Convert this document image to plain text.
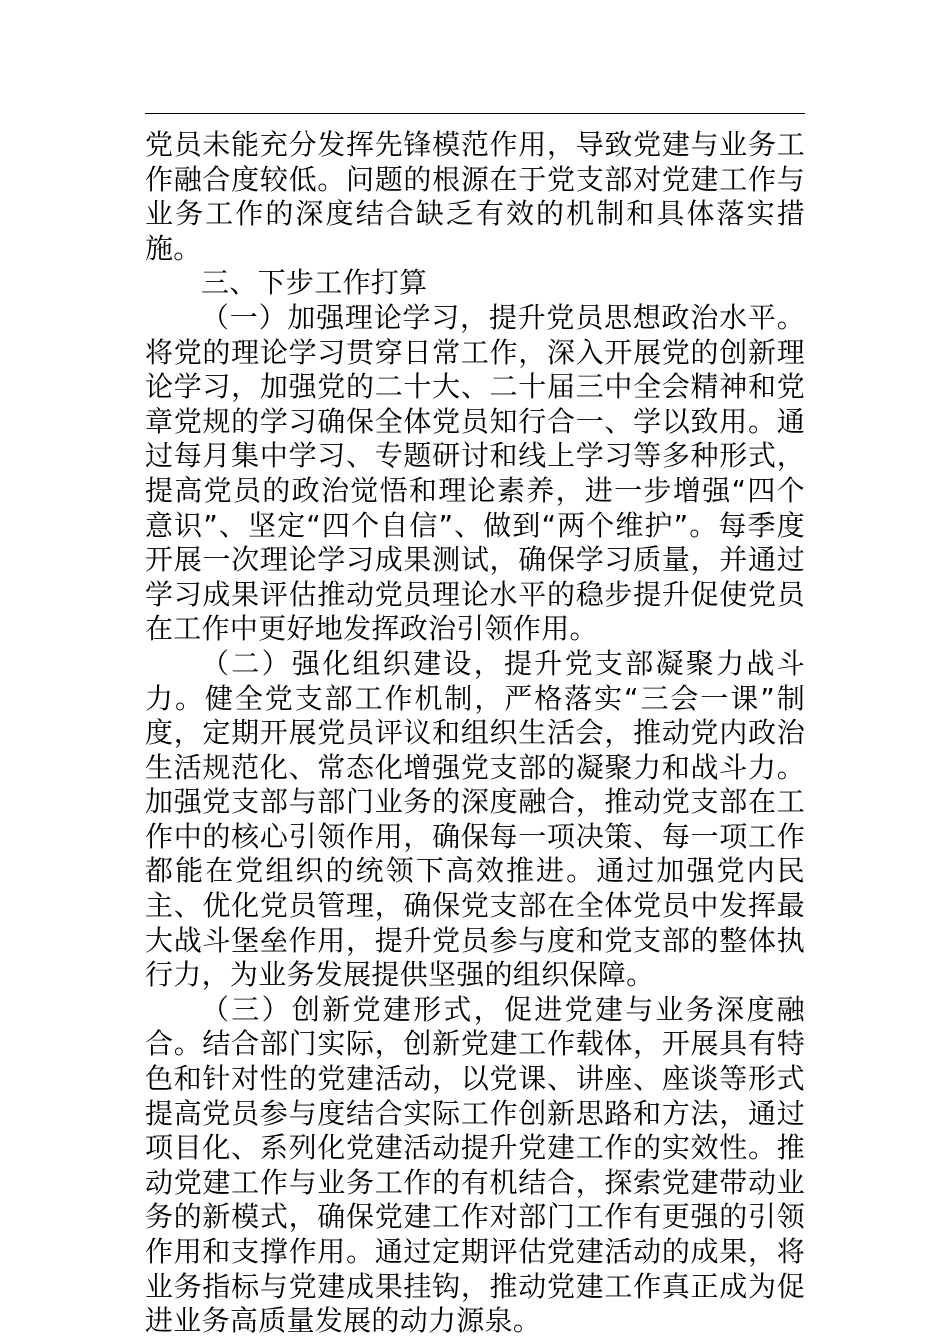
党员未能充分发挥先锋模范作用，导致党建与业务工作融合度较低。问题的根源在于党支部对党建工作与业务工作的深度结合缺乏有效的机制和具体落实措施。

三、下步工作打算

（一）加强理论学习，提升党员思想政治水平。将党的理论学习贯穿日常工作，深入开展党的创新理论学习，加强党的二十大、二十届三中全会精神和党章党规的学习确保全体党员知行合一、学以致用。通过每月集中学习、专题研讨和线上学习等多种形式，提高党员的政治觉悟和理论素养，进一步增强“四个意识”、坚定“四个自信”、做到“两个维护”。每季度开展一次理论学习成果测试，确保学习质量，并通过学习成果评估推动党员理论水平的稳步提升促使党员在工作中更好地发挥政治引领作用。

（二）强化组织建设，提升党支部凝聚力战斗力。健全党支部工作机制，严格落实“三会一课”制度，定期开展党员评议和组织生活会，推动党内政治生活规范化、常态化增强党支部的凝聚力和战斗力。加强党支部与部门业务的深度融合，推动党支部在工作中的核心引领作用，确保每一项决策、每一项工作都能在党组织的统领下高效推进。通过加强党内民主、优化党员管理，确保党支部在全体党员中发挥最大战斗堡垒作用，提升党员参与度和党支部的整体执行力，为业务发展提供坚强的组织保障。

（三）创新党建形式，促进党建与业务深度融合。结合部门实际，创新党建工作载体，开展具有特色和针对性的党建活动，以党课、讲座、座谈等形式提高党员参与度结合实际工作创新思路和方法，通过项目化、系列化党建活动提升党建工作的实效性。推动党建工作与业务工作的有机结合，探索党建带动业务的新模式，确保党建工作对部门工作有更强的引领作用和支撑作用。通过定期评估党建活动的成果，将业务指标与党建成果挂钩，推动党建工作真正成为促进业务高质量发展的动力源泉。
